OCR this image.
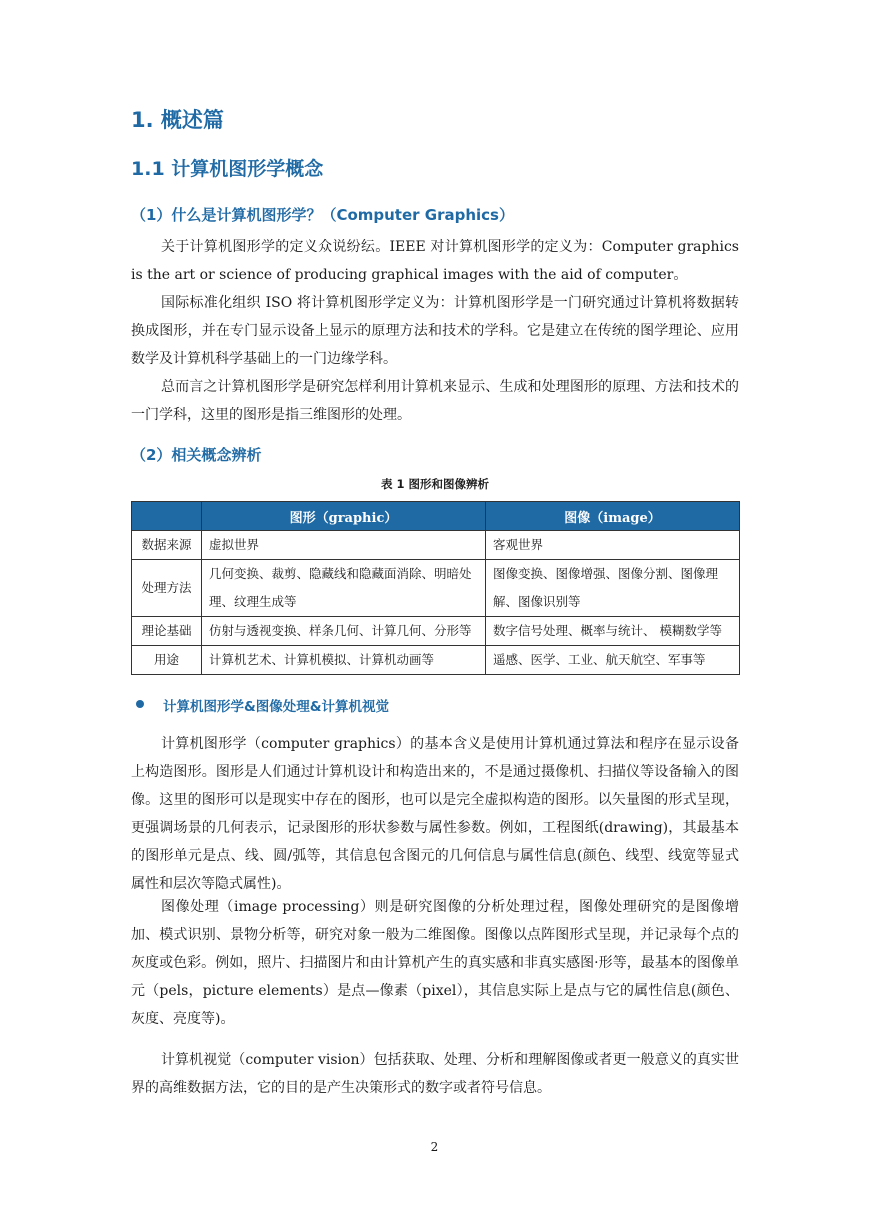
1. 概述篇
1.1 计算机图形学概念
（1）什么是计算机图形学？（Computer Graphics）

关于计算机图形学的定义众说纷纭。IEEE 对计算机图形学的定义为：Computer graphics is the art or science of producing graphical images with the aid of computer。

国际标准化组织 ISO 将计算机图形学定义为：计算机图形学是一门研究通过计算机将数据转换成图形，并在专门显示设备上显示的原理方法和技术的学科。它是建立在传统的图学理论、应用数学及计算机科学基础上的一门边缘学科。

总而言之计算机图形学是研究怎样利用计算机来显示、生成和处理图形的原理、方法和技术的一门学科，这里的图形是指三维图形的处理。

（2）相关概念辨析
表 1 图形和图像辨析
	图形（graphic）	图像（image）
数据来源	虚拟世界	客观世界
处理方法	几何变换、裁剪、隐藏线和隐藏面消除、明暗处理、纹理生成等	图像变换、图像增强、图像分割、图像理解、图像识别等
理论基础	仿射与透视变换、样条几何、计算几何、分形等	数字信号处理、概率与统计、 模糊数学等
用途	计算机艺术、计算机模拟、计算机动画等	遥感、医学、工业、航天航空、军事等
计算机图形学&图像处理&计算机视觉

计算机图形学（computer graphics）的基本含义是使用计算机通过算法和程序在显示设备上构造图形。图形是人们通过计算机设计和构造出来的，不是通过摄像机、扫描仪等设备输入的图像。这里的图形可以是现实中存在的图形，也可以是完全虚拟构造的图形。以矢量图的形式呈现，更强调场景的几何表示，记录图形的形状参数与属性参数。例如，工程图纸(drawing)，其最基本的图形单元是点、线、圆/弧等，其信息包含图元的几何信息与属性信息(颜色、线型、线宽等显式属性和层次等隐式属性)。

图像处理（image processing）则是研究图像的分析处理过程，图像处理研究的是图像增加、模式识别、景物分析等，研究对象一般为二维图像。图像以点阵图形式呈现，并记录每个点的灰度或色彩。例如，照片、扫描图片和由计算机产生的真实感和非真实感图·形等，最基本的图像单元（pels，picture elements）是点—像素（pixel），其信息实际上是点与它的属性信息(颜色、灰度、亮度等)。

计算机视觉（computer vision）包括获取、处理、分析和理解图像或者更一般意义的真实世界的高维数据方法，它的目的是产生决策形式的数字或者符号信息。

2
